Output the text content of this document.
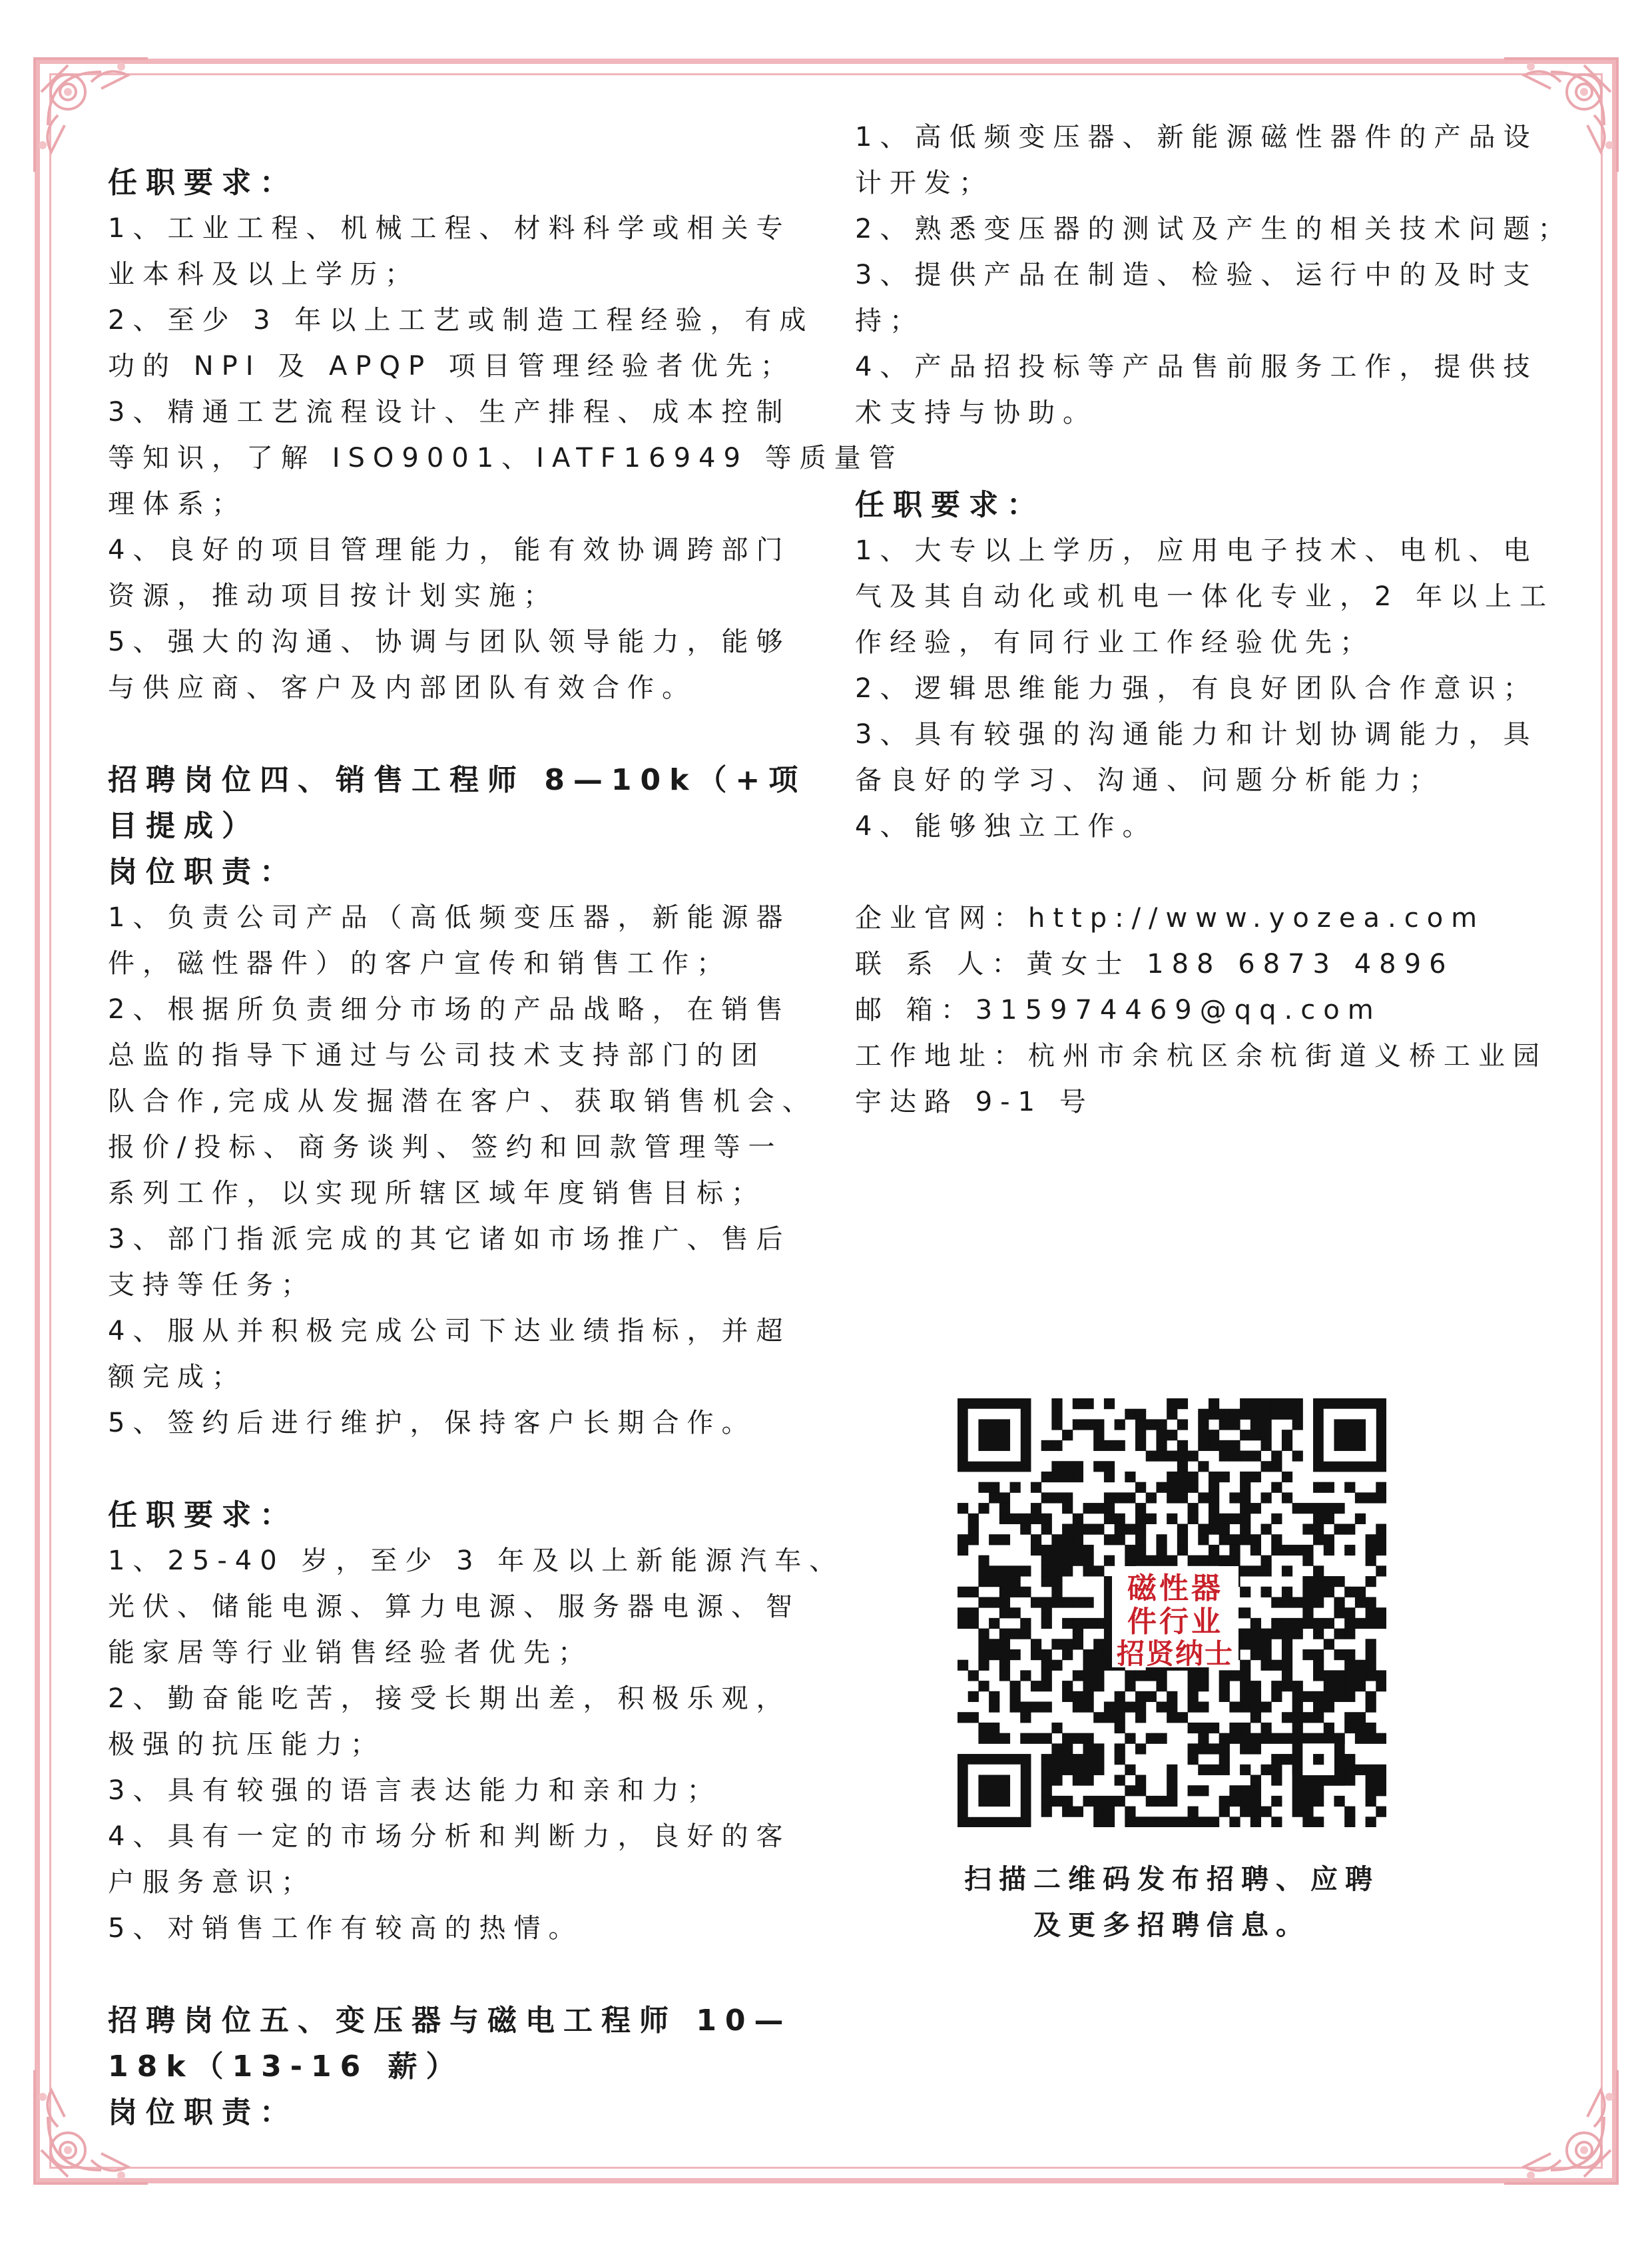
任职要求：
1、工业工程、机械工程、材料科学或相关专
业本科及以上学历；
2、至少 3 年以上工艺或制造工程经验，有成
功的 NPI 及 APQP 项目管理经验者优先；
3、精通工艺流程设计、生产排程、成本控制
等知识，了解 ISO9001、IATF16949 等质量管
理体系；
4、良好的项目管理能力，能有效协调跨部门
资源，推动项目按计划实施；
5、强大的沟通、协调与团队领导能力，能够
与供应商、客户及内部团队有效合作。
招聘岗位四、销售工程师 8—10k（+项
目提成）
岗位职责：
1、负责公司产品（高低频变压器，新能源器
件，磁性器件）的客户宣传和销售工作；
2、根据所负责细分市场的产品战略，在销售
总监的指导下通过与公司技术支持部门的团
队合作,完成从发掘潜在客户、获取销售机会、
报价/投标、商务谈判、签约和回款管理等一
系列工作，以实现所辖区域年度销售目标；
3、部门指派完成的其它诸如市场推广、售后
支持等任务；
4、服从并积极完成公司下达业绩指标，并超
额完成；
5、签约后进行维护，保持客户长期合作。
任职要求：
1、25-40 岁，至少 3 年及以上新能源汽车、
光伏、储能电源、算力电源、服务器电源、智
能家居等行业销售经验者优先；
2、勤奋能吃苦，接受长期出差，积极乐观，
极强的抗压能力；
3、具有较强的语言表达能力和亲和力；
4、具有一定的市场分析和判断力，良好的客
户服务意识；
5、对销售工作有较高的热情。
招聘岗位五、变压器与磁电工程师 10—
18k（13-16 薪）
岗位职责：
1、高低频变压器、新能源磁性器件的产品设
计开发；
2、熟悉变压器的测试及产生的相关技术问题；
3、提供产品在制造、检验、运行中的及时支
持；
4、产品招投标等产品售前服务工作，提供技
术支持与协助。
任职要求：
1、大专以上学历，应用电子技术、电机、电
气及其自动化或机电一体化专业，2 年以上工
作经验，有同行业工作经验优先；
2、逻辑思维能力强，有良好团队合作意识；
3、具有较强的沟通能力和计划协调能力，具
备良好的学习、沟通、问题分析能力；
4、能够独立工作。
企业官网：http://www.yozea.com
联 系 人：黄女士 188 6873 4896
邮 箱：315974469@qq.com
工作地址：杭州市余杭区余杭街道义桥工业园
宇达路 9-1 号
磁性器
件行业
招贤纳士
扫描二维码发布招聘、应聘
及更多招聘信息。
